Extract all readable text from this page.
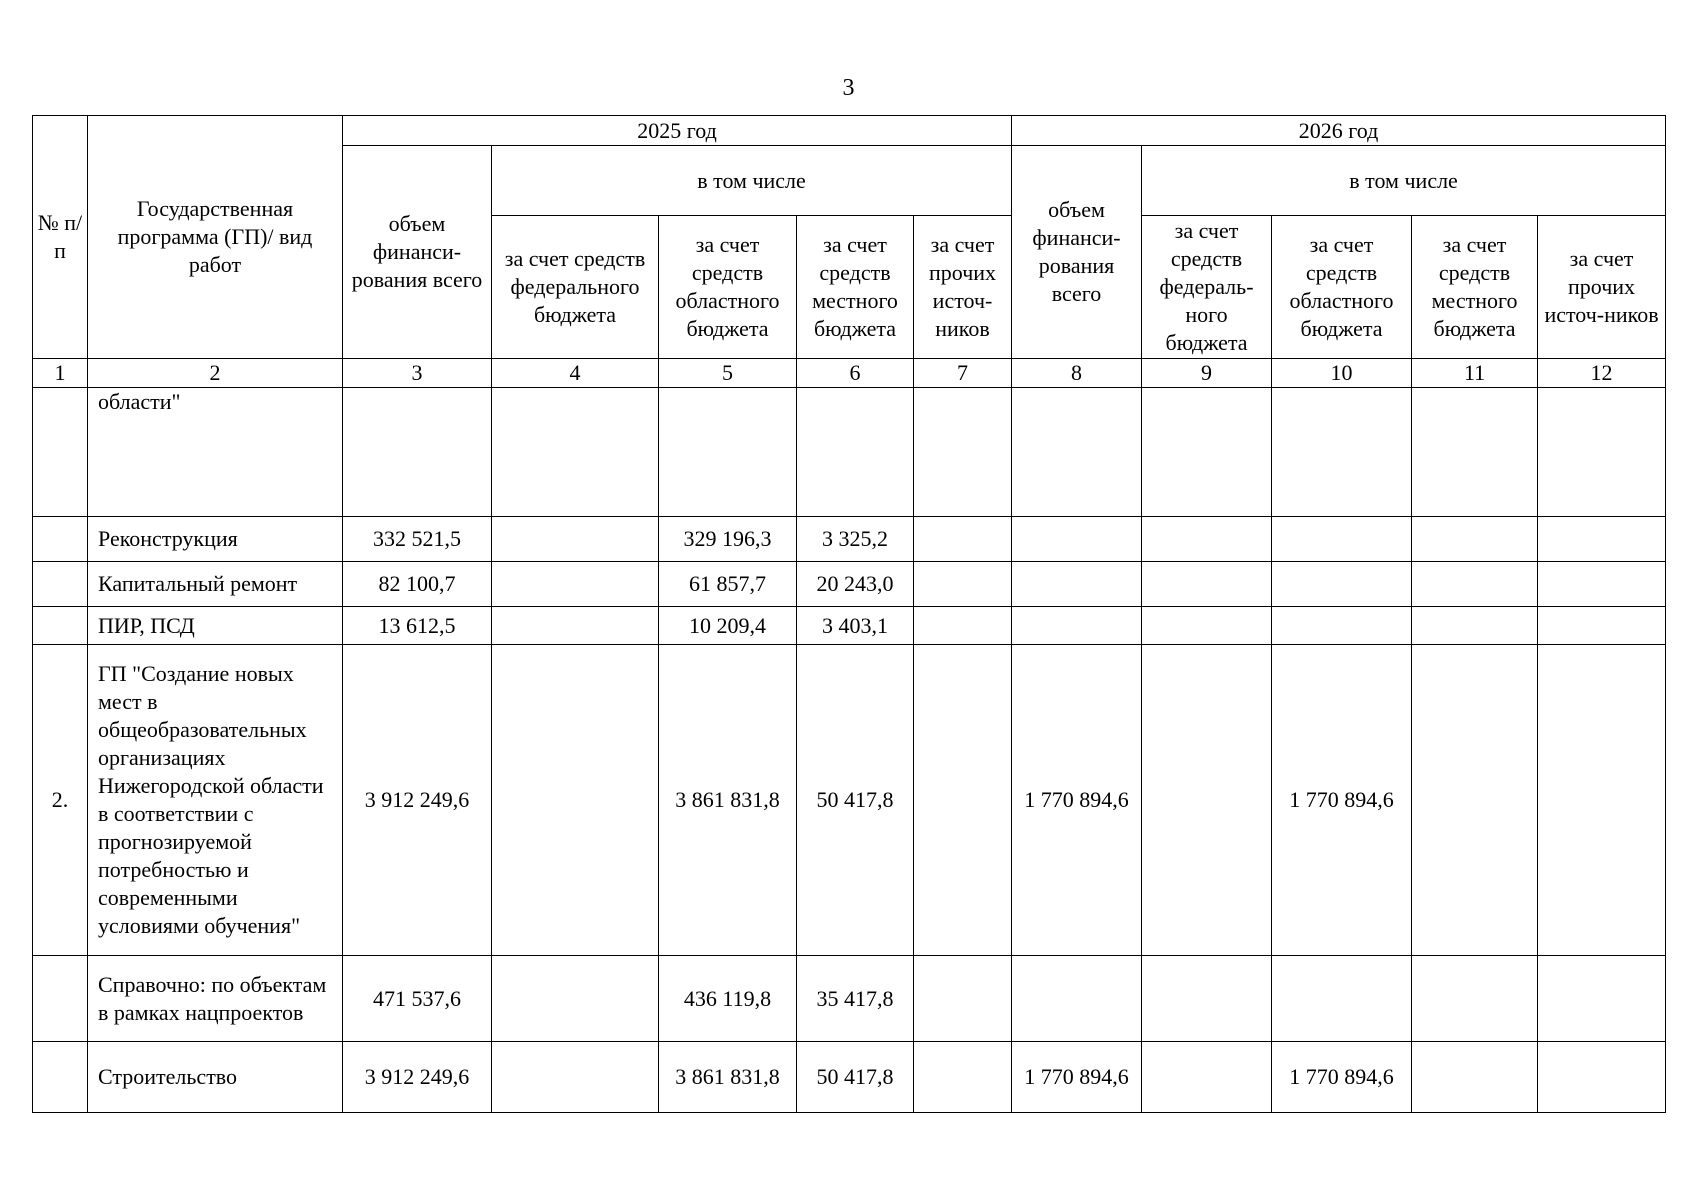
3
№ п/п	Государственная программа (ГП)/ вид работ	2025 год					2026 год				
		объем финанси-рования всего	в том числе				объем финанси-рования всего	в том числе			
			за счет средств федерального бюджета	за счет средств областного бюджета	за счет средств местного бюджета	за счет прочих источ-ников		за счет средств федераль-ного бюджета	за счет средств областного бюджета	за счет средств местного бюджета	за счет прочих источ-ников
1	2	3	4	5	6	7	8	9	10	11	12
	области"										
	Реконструкция	332 521,5		329 196,3	3 325,2						
	Капитальный ремонт	82 100,7		61 857,7	20 243,0						
	ПИР, ПСД	13 612,5		10 209,4	3 403,1						
2.	ГП "Создание новых мест в общеобразовательных организациях Нижегородской области в соответствии с прогнозируемой потребностью и современными условиями обучения"	3 912 249,6		3 861 831,8	50 417,8		1 770 894,6		1 770 894,6		
	Справочно: по объектам в рамках нацпроектов	471 537,6		436 119,8	35 417,8						
	Строительство	3 912 249,6		3 861 831,8	50 417,8		1 770 894,6		1 770 894,6		
